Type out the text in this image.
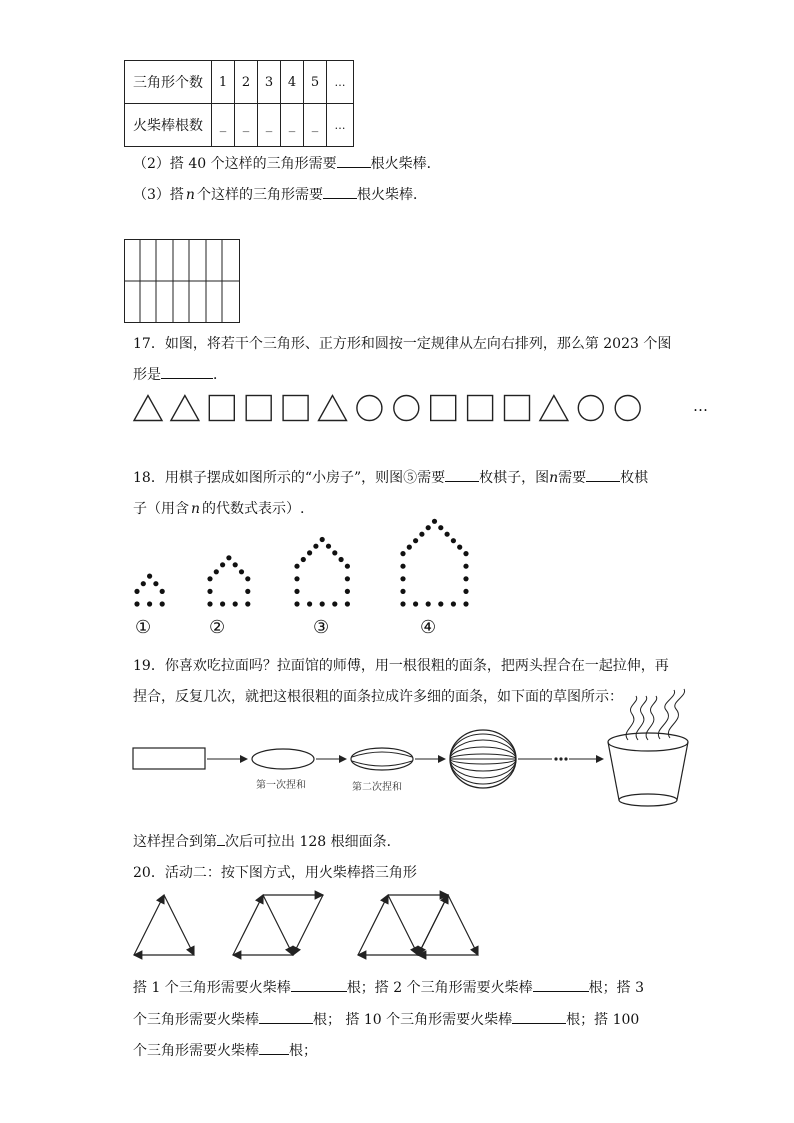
三角形个数	1	2	3	4	5	…
火柴棒根数	_	_	_	_	_	…
（2）搭 40 个这样的三角形需要 根火柴棒．
（3）搭 n 个这样的三角形需要 根火柴棒．
17．如图，将若干个三角形、正方形和圆按一定规律从左向右排列，那么第 2023 个图
形是	．
…
18．用棋子摆成如图所示的“小房子”，则图⑤需要 枚棋子，图n需要 枚棋
子（用含 n 的代数式表示）.
①	②	③	④
19．你喜欢吃拉面吗？拉面馆的师傅，用一根很粗的面条，把两头捏合在一起拉伸，再
捏合，反复几次，就把这根很粗的面条拉成许多细的面条，如下面的草图所示：
第一次捏和	第二次捏和
这样捏合到第 次后可拉出 128 根细面条．
20．活动二：按下图方式，用火柴棒搭三角形
搭 1 个三角形需要火柴棒	根；搭 2 个三角形需要火柴棒	根；搭 3
个三角形需要火柴棒	根； 搭 10 个三角形需要火柴棒	根；搭 100
个三角形需要火柴棒 根；
